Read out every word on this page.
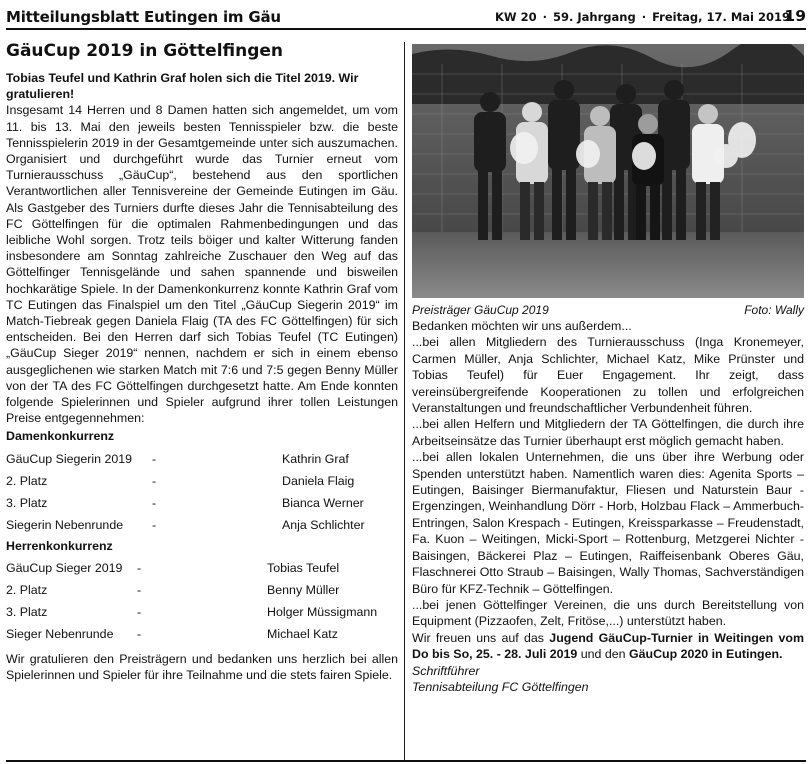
Mitteilungsblatt Eutingen im Gäu	KW 20 · 59. Jahrgang · Freitag, 17. Mai 2019
19
GäuCup 2019 in Göttelfingen

Tobias Teufel und Kathrin Graf holen sich die Titel 2019. Wir gratulieren!

Insgesamt 14 Herren und 8 Damen hatten sich angemeldet, um vom 11. bis 13. Mai den jeweils besten Tennisspieler bzw. die beste Tennisspielerin 2019 in der Gesamtgemeinde unter sich auszumachen. Organisiert und durchgeführt wurde das Turnier erneut vom Turnierausschuss „GäuCup“, bestehend aus den sportlichen Verantwortlichen aller Tennisvereine der Gemeinde Eutingen im Gäu. Als Gastgeber des Turniers durfte dieses Jahr die Tennisabteilung des FC Göttelfingen für die optimalen Rahmenbedingungen und das leibliche Wohl sorgen. Trotz teils böiger und kalter Witterung fanden insbesondere am Sonntag zahlreiche Zuschauer den Weg auf das Göttelfinger Tennisgelände und sahen spannende und bisweilen hochkarätige Spiele. In der Damenkonkurrenz konnte Kathrin Graf vom TC Eutingen das Finalspiel um den Titel „GäuCup Siegerin 2019“ im Match-Tiebreak gegen Daniela Flaig (TA des FC Göttelfingen) für sich entscheiden. Bei den Herren darf sich Tobias Teufel (TC Eutingen) „GäuCup Sieger 2019“ nennen, nachdem er sich in einem ebenso ausgeglichenen wie starken Match mit 7:6 und 7:5 gegen Benny Müller von der TA des FC Göttelfingen durchgesetzt hatte. Am Ende konnten folgende Spielerinnen und Spieler aufgrund ihrer tollen Leistungen Preise entgegennehmen:

Damenkonkurrenz
GäuCup Siegerin 2019 -	Kathrin Graf
2. Platz	-	Daniela Flaig
3. Platz	-	Bianca Werner
Siegerin Nebenrunde -	Anja Schlichter
Herrenkonkurrenz
GäuCup Sieger 2019 -	Tobias Teufel
2. Platz	-	Benny Müller
3. Platz	-	Holger Müssigmann
Sieger Nebenrunde -	Michael Katz

Wir gratulieren den Preisträgern und bedanken uns herzlich bei allen Spielerinnen und Spieler für ihre Teilnahme und die stets fairen Spiele.

Preisträger GäuCup 2019	Foto: Wally

Bedanken möchten wir uns außerdem...

...bei allen Mitgliedern des Turnierausschuss (Inga Kronemeyer, Carmen Müller, Anja Schlichter, Michael Katz, Mike Prünster und Tobias Teufel) für Euer Engagement. Ihr zeigt, dass vereinsübergreifende Kooperationen zu tollen und erfolgreichen Veranstaltungen und freundschaftlicher Verbundenheit führen.

...bei allen Helfern und Mitgliedern der TA Göttelfingen, die durch ihre Arbeitseinsätze das Turnier überhaupt erst möglich gemacht haben.

...bei allen lokalen Unternehmen, die uns über ihre Werbung oder Spenden unterstützt haben. Namentlich waren dies: Agenita Sports – Eutingen, Baisinger Biermanufaktur, Fliesen und Naturstein Baur - Ergenzingen, Weinhandlung Dörr - Horb, Holzbau Flack – Ammerbuch-Entringen, Salon Krespach - Eutingen, Kreissparkasse – Freudenstadt, Fa. Kuon – Weitingen, Micki-Sport – Rottenburg, Metzgerei Nichter - Baisingen, Bäckerei Plaz – Eutingen, Raiffeisenbank Oberes Gäu, Flaschnerei Otto Straub – Baisingen, Wally Thomas, Sachverständigen Büro für KFZ-Technik – Göttelfingen.

...bei jenen Göttelfinger Vereinen, die uns durch Bereitstellung von Equipment (Pizzaofen, Zelt, Fritöse,...) unterstützt haben.

Wir freuen uns auf das Jugend GäuCup-Turnier in Weitingen vom Do bis So, 25. - 28. Juli 2019 und den GäuCup 2020 in Eutingen.

Schriftführer

Tennisabteilung FC Göttelfingen
